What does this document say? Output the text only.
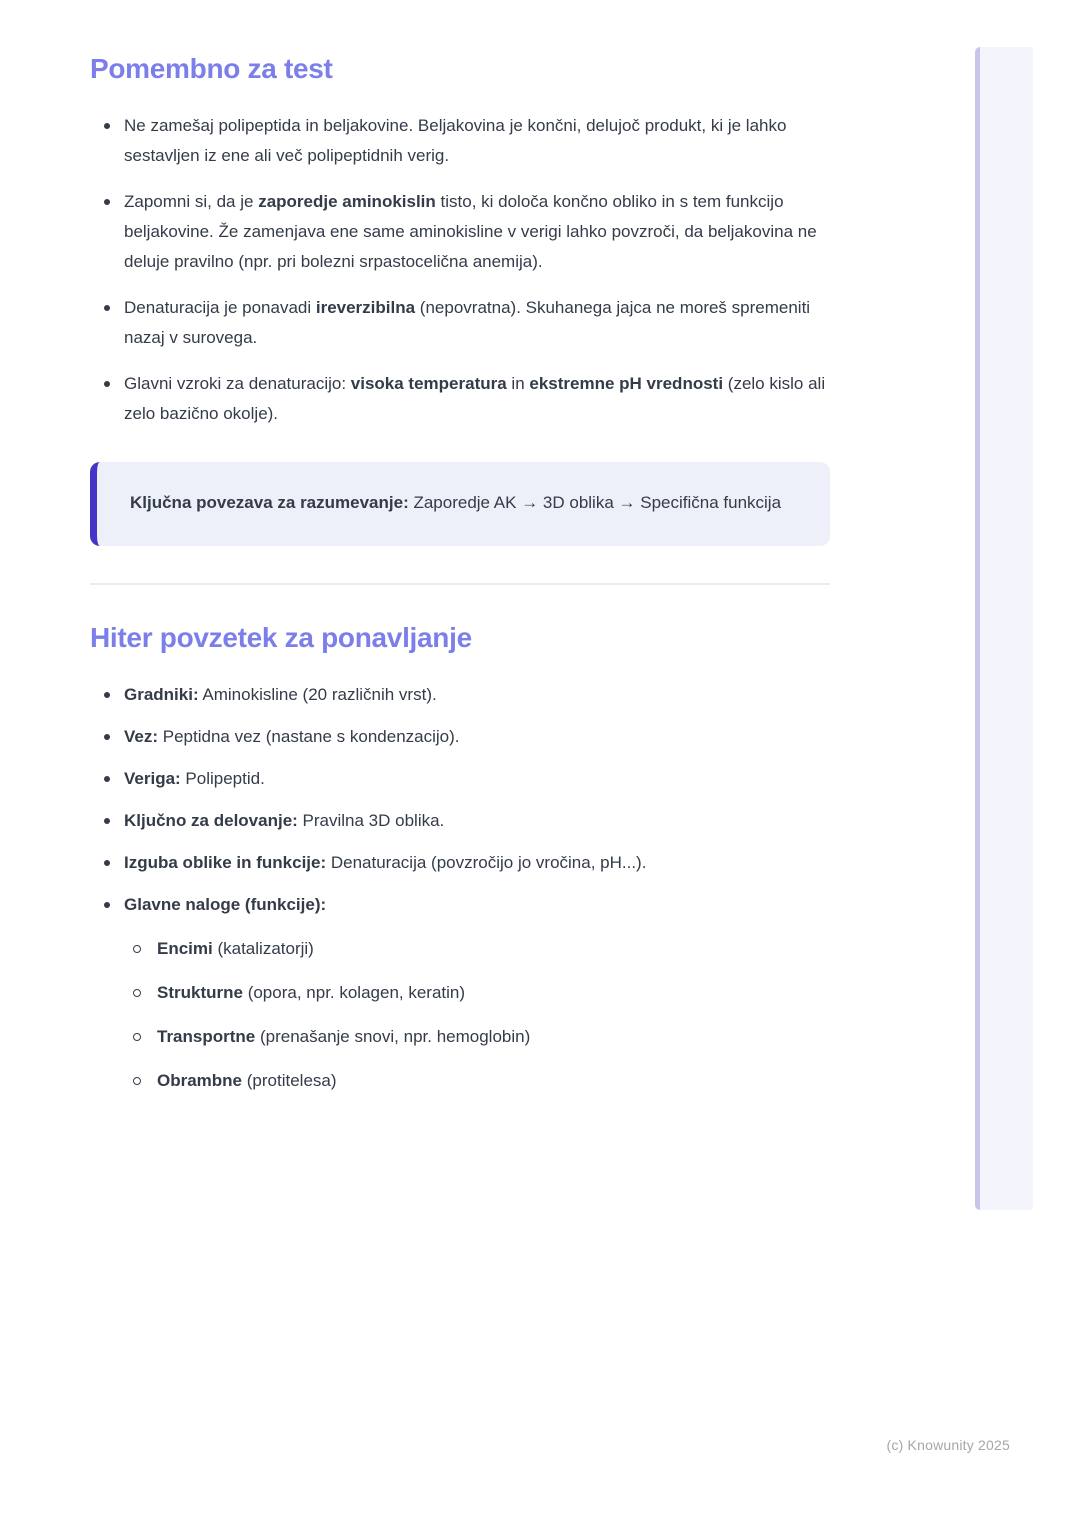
Pomembno za test
Ne zamešaj polipeptida in beljakovine. Beljakovina je končni, delujoč produkt, ki je lahko sestavljen iz ene ali več polipeptidnih verig.
Zapomni si, da je zaporedje aminokislin tisto, ki določa končno obliko in s tem funkcijo beljakovine. Že zamenjava ene same aminokisline v verigi lahko povzroči, da beljakovina ne deluje pravilno (npr. pri bolezni srpastocelična anemija).
Denaturacija je ponavadi ireverzibilna (nepovratna). Skuhanega jajca ne moreš spremeniti nazaj v surovega.
Glavni vzroki za denaturacijo: visoka temperatura in ekstremne pH vrednosti (zelo kislo ali zelo bazično okolje).
Ključna povezava za razumevanje: Zaporedje AK → 3D oblika → Specifična funkcija
Hiter povzetek za ponavljanje
Gradniki: Aminokisline (20 različnih vrst).
Vez: Peptidna vez (nastane s kondenzacijo).
Veriga: Polipeptid.
Ključno za delovanje: Pravilna 3D oblika.
Izguba oblike in funkcije: Denaturacija (povzročijo jo vročina, pH...).
Glavne naloge (funkcije):
Encimi (katalizatorji)
Strukturne (opora, npr. kolagen, keratin)
Transportne (prenašanje snovi, npr. hemoglobin)
Obrambne (protitelesa)
(c) Knowunity 2025
